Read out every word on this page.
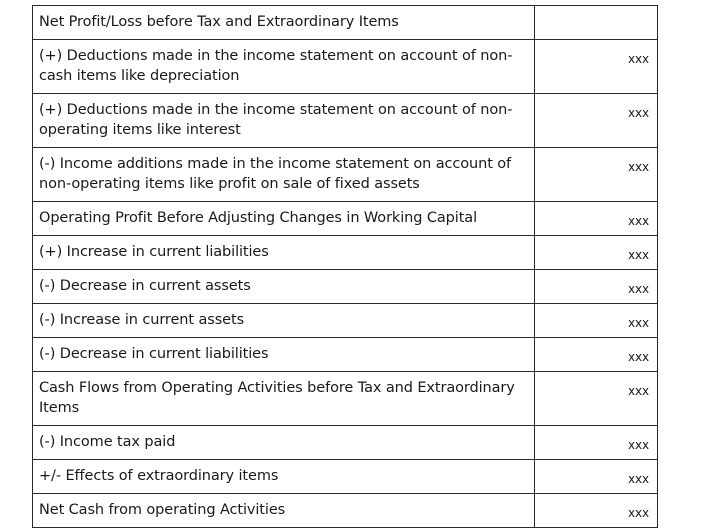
Net Profit/Loss before Tax and Extraordinary Items	
(+) Deductions made in the income statement on account of non-cash items like depreciation	xxx
(+) Deductions made in the income statement on account of non-operating items like interest	xxx
(-) Income additions made in the income statement on account of non-operating items like profit on sale of fixed assets	xxx
Operating Profit Before Adjusting Changes in Working Capital	xxx
(+) Increase in current liabilities	xxx
(-) Decrease in current assets	xxx
(-) Increase in current assets	xxx
(-) Decrease in current liabilities	xxx
Cash Flows from Operating Activities before Tax and Extraordinary Items	xxx
(-) Income tax paid	xxx
+/- Effects of extraordinary items	xxx
Net Cash from operating Activities	xxx
